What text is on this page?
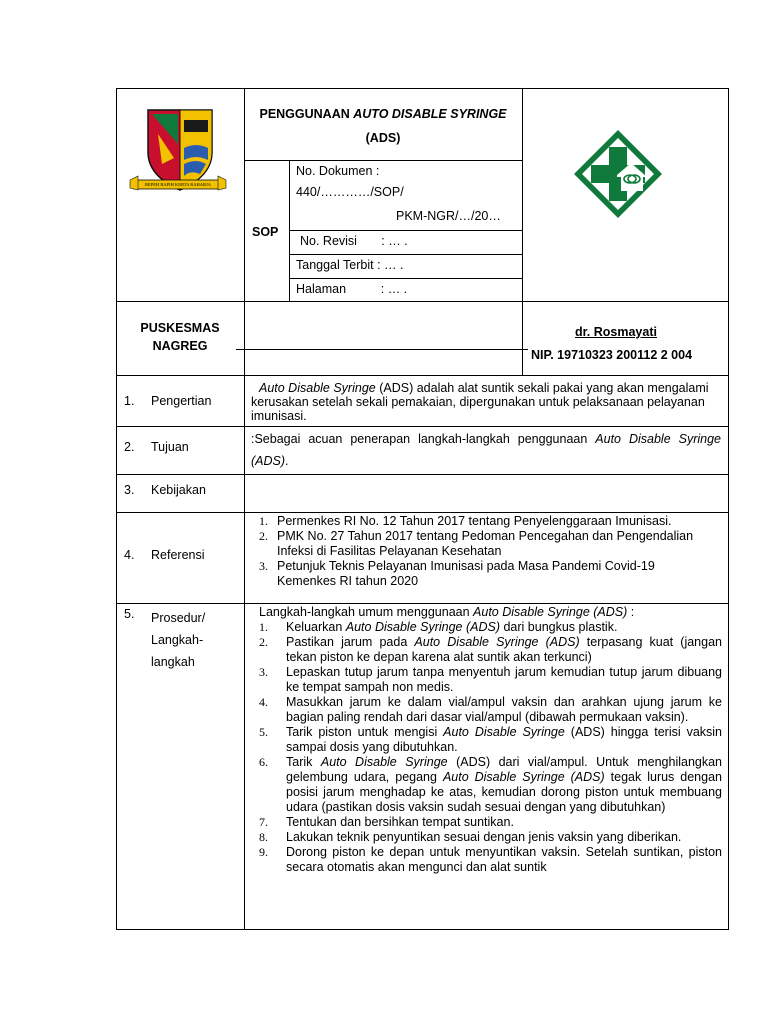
REPEH RAPIH KERTA RAHARJA
PENGGUNAAN AUTO DISABLE SYRINGE (ADS)
SOP
No. Dokumen :
440/…………/SOP/
PKM-NGR/…/20…
No. Revisi       : … .
Tanggal Terbit : … .
Halaman          : … .
PUSKESMAS
NAGREG
dr. Rosmayati
NIP. 19710323 200112 2 004
1. Pengertian
Auto Disable Syringe (ADS) adalah alat suntik sekali pakai yang akan mengalami kerusakan setelah sekali pemakaian, dipergunakan untuk pelaksanaan pelayanan imunisasi.
2. Tujuan
:Sebagai acuan penerapan langkah-langkah penggunaan Auto Disable Syringe (ADS).
3. Kebijakan
4. Referensi
1. Permenkes RI No. 12 Tahun 2017 tentang Penyelenggaraan Imunisasi.
2. PMK No. 27 Tahun 2017 tentang Pedoman Pencegahan dan Pengendalian Infeksi di Fasilitas Pelayanan Kesehatan
3. Petunjuk Teknis Pelayanan Imunisasi pada Masa Pandemi Covid-19 Kemenkes RI tahun 2020
5. Prosedur/
Langkah-
langkah
Langkah-langkah umum menggunaan Auto Disable Syringe (ADS) :
1. Keluarkan Auto Disable Syringe (ADS) dari bungkus plastik.
2. Pastikan jarum pada Auto Disable Syringe (ADS) terpasang kuat (jangan tekan piston ke depan karena alat suntik akan terkunci)
3. Lepaskan tutup jarum tanpa menyentuh jarum kemudian tutup jarum dibuang ke tempat sampah non medis.
4. Masukkan jarum ke dalam vial/ampul vaksin dan arahkan ujung jarum ke bagian paling rendah dari dasar vial/ampul (dibawah permukaan vaksin).
5. Tarik piston untuk mengisi Auto Disable Syringe (ADS) hingga terisi vaksin sampai dosis yang dibutuhkan.
6. Tarik Auto Disable Syringe (ADS) dari vial/ampul. Untuk menghilangkan gelembung udara, pegang Auto Disable Syringe (ADS) tegak lurus dengan posisi jarum menghadap ke atas, kemudian dorong piston untuk membuang udara (pastikan dosis vaksin sudah sesuai dengan yang dibutuhkan)
7. Tentukan dan bersihkan tempat suntikan.
8. Lakukan teknik penyuntikan sesuai dengan jenis vaksin yang diberikan.
9. Dorong piston ke depan untuk menyuntikan vaksin. Setelah suntikan, piston secara otomatis akan mengunci dan alat suntik
